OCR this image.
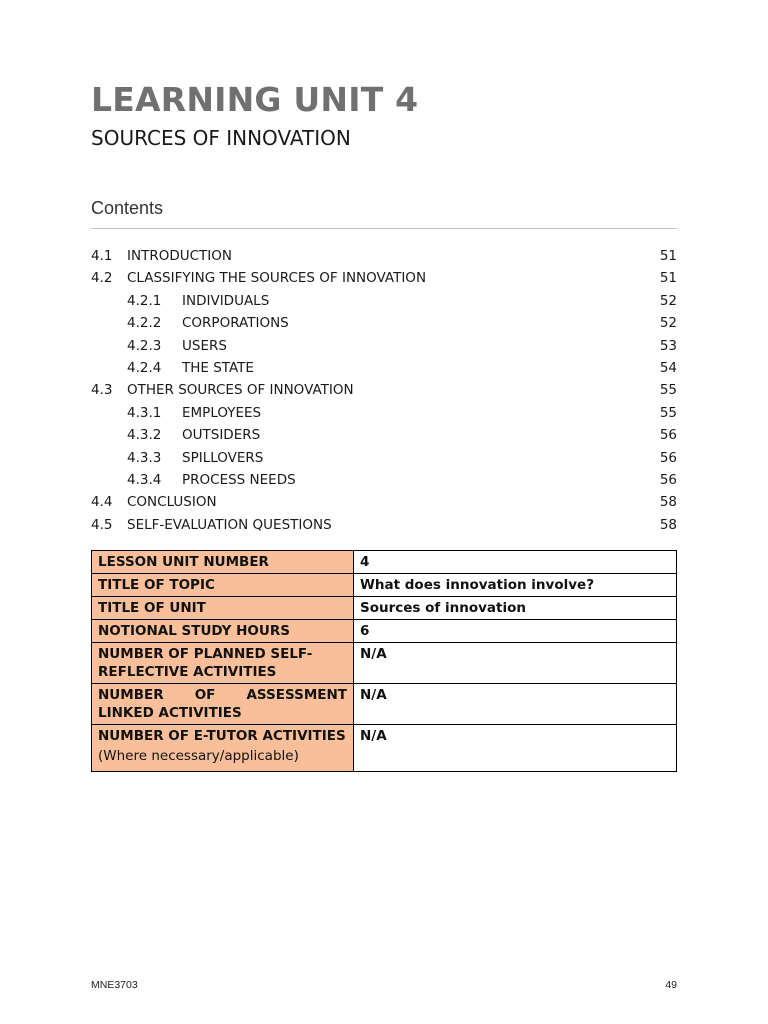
LEARNING UNIT 4
SOURCES OF INNOVATION
Contents
4.1 INTRODUCTION	51
4.2 CLASSIFYING THE SOURCES OF INNOVATION	51
4.2.1 INDIVIDUALS	52
4.2.2 CORPORATIONS	52
4.2.3 USERS	53
4.2.4 THE STATE	54
4.3 OTHER SOURCES OF INNOVATION	55
4.3.1 EMPLOYEES	55
4.3.2 OUTSIDERS	56
4.3.3 SPILLOVERS	56
4.3.4 PROCESS NEEDS	56
4.4 CONCLUSION	58
4.5 SELF-EVALUATION QUESTIONS	58
LESSON UNIT NUMBER	4
TITLE OF TOPIC	What does innovation involve?
TITLE OF UNIT	Sources of innovation
NOTIONAL STUDY HOURS	6
NUMBER OF PLANNED SELF-REFLECTIVE ACTIVITIES	N/A
NUMBER OF ASSESSMENT LINKED ACTIVITIES	N/A
NUMBER OF E-TUTOR ACTIVITIES
(Where necessary/applicable)	N/A
MNE3703	49
